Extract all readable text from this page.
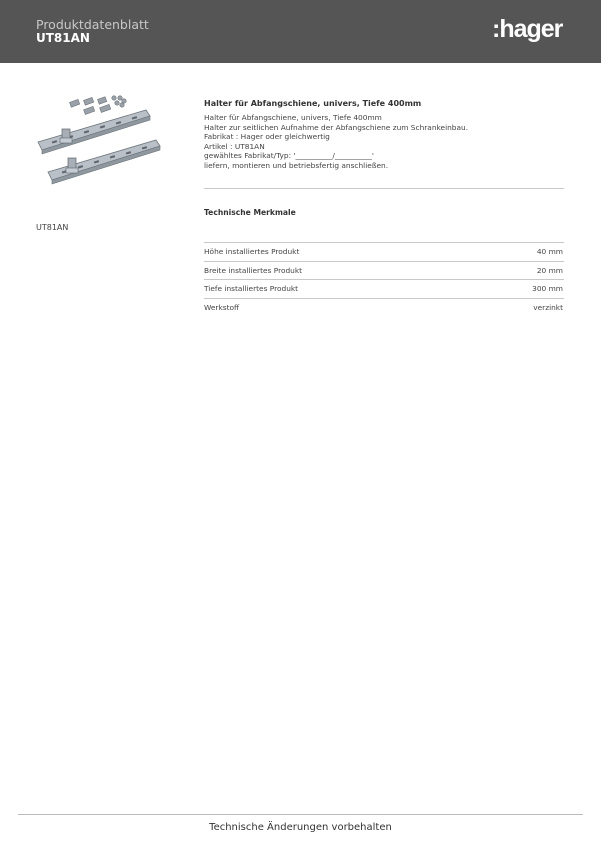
Produktdatenblatt
UT81AN	:hager
UT81AN
Halter für Abfangschiene, univers, Tiefe 400mm
Halter für Abfangschiene, univers, Tiefe 400mm
Halter zur seitlichen Aufnahme der Abfangschiene zum Schrankeinbau.
Fabrikat : Hager oder gleichwertig
Artikel : UT81AN
gewähltes Fabrikat/Typ: '__________/__________'
liefern, montieren und betriebsfertig anschließen.
Technische Merkmale
Höhe installiertes Produkt	40 mm
Breite installiertes Produkt	20 mm
Tiefe installiertes Produkt	300 mm
Werkstoff	verzinkt
Technische Änderungen vorbehalten
